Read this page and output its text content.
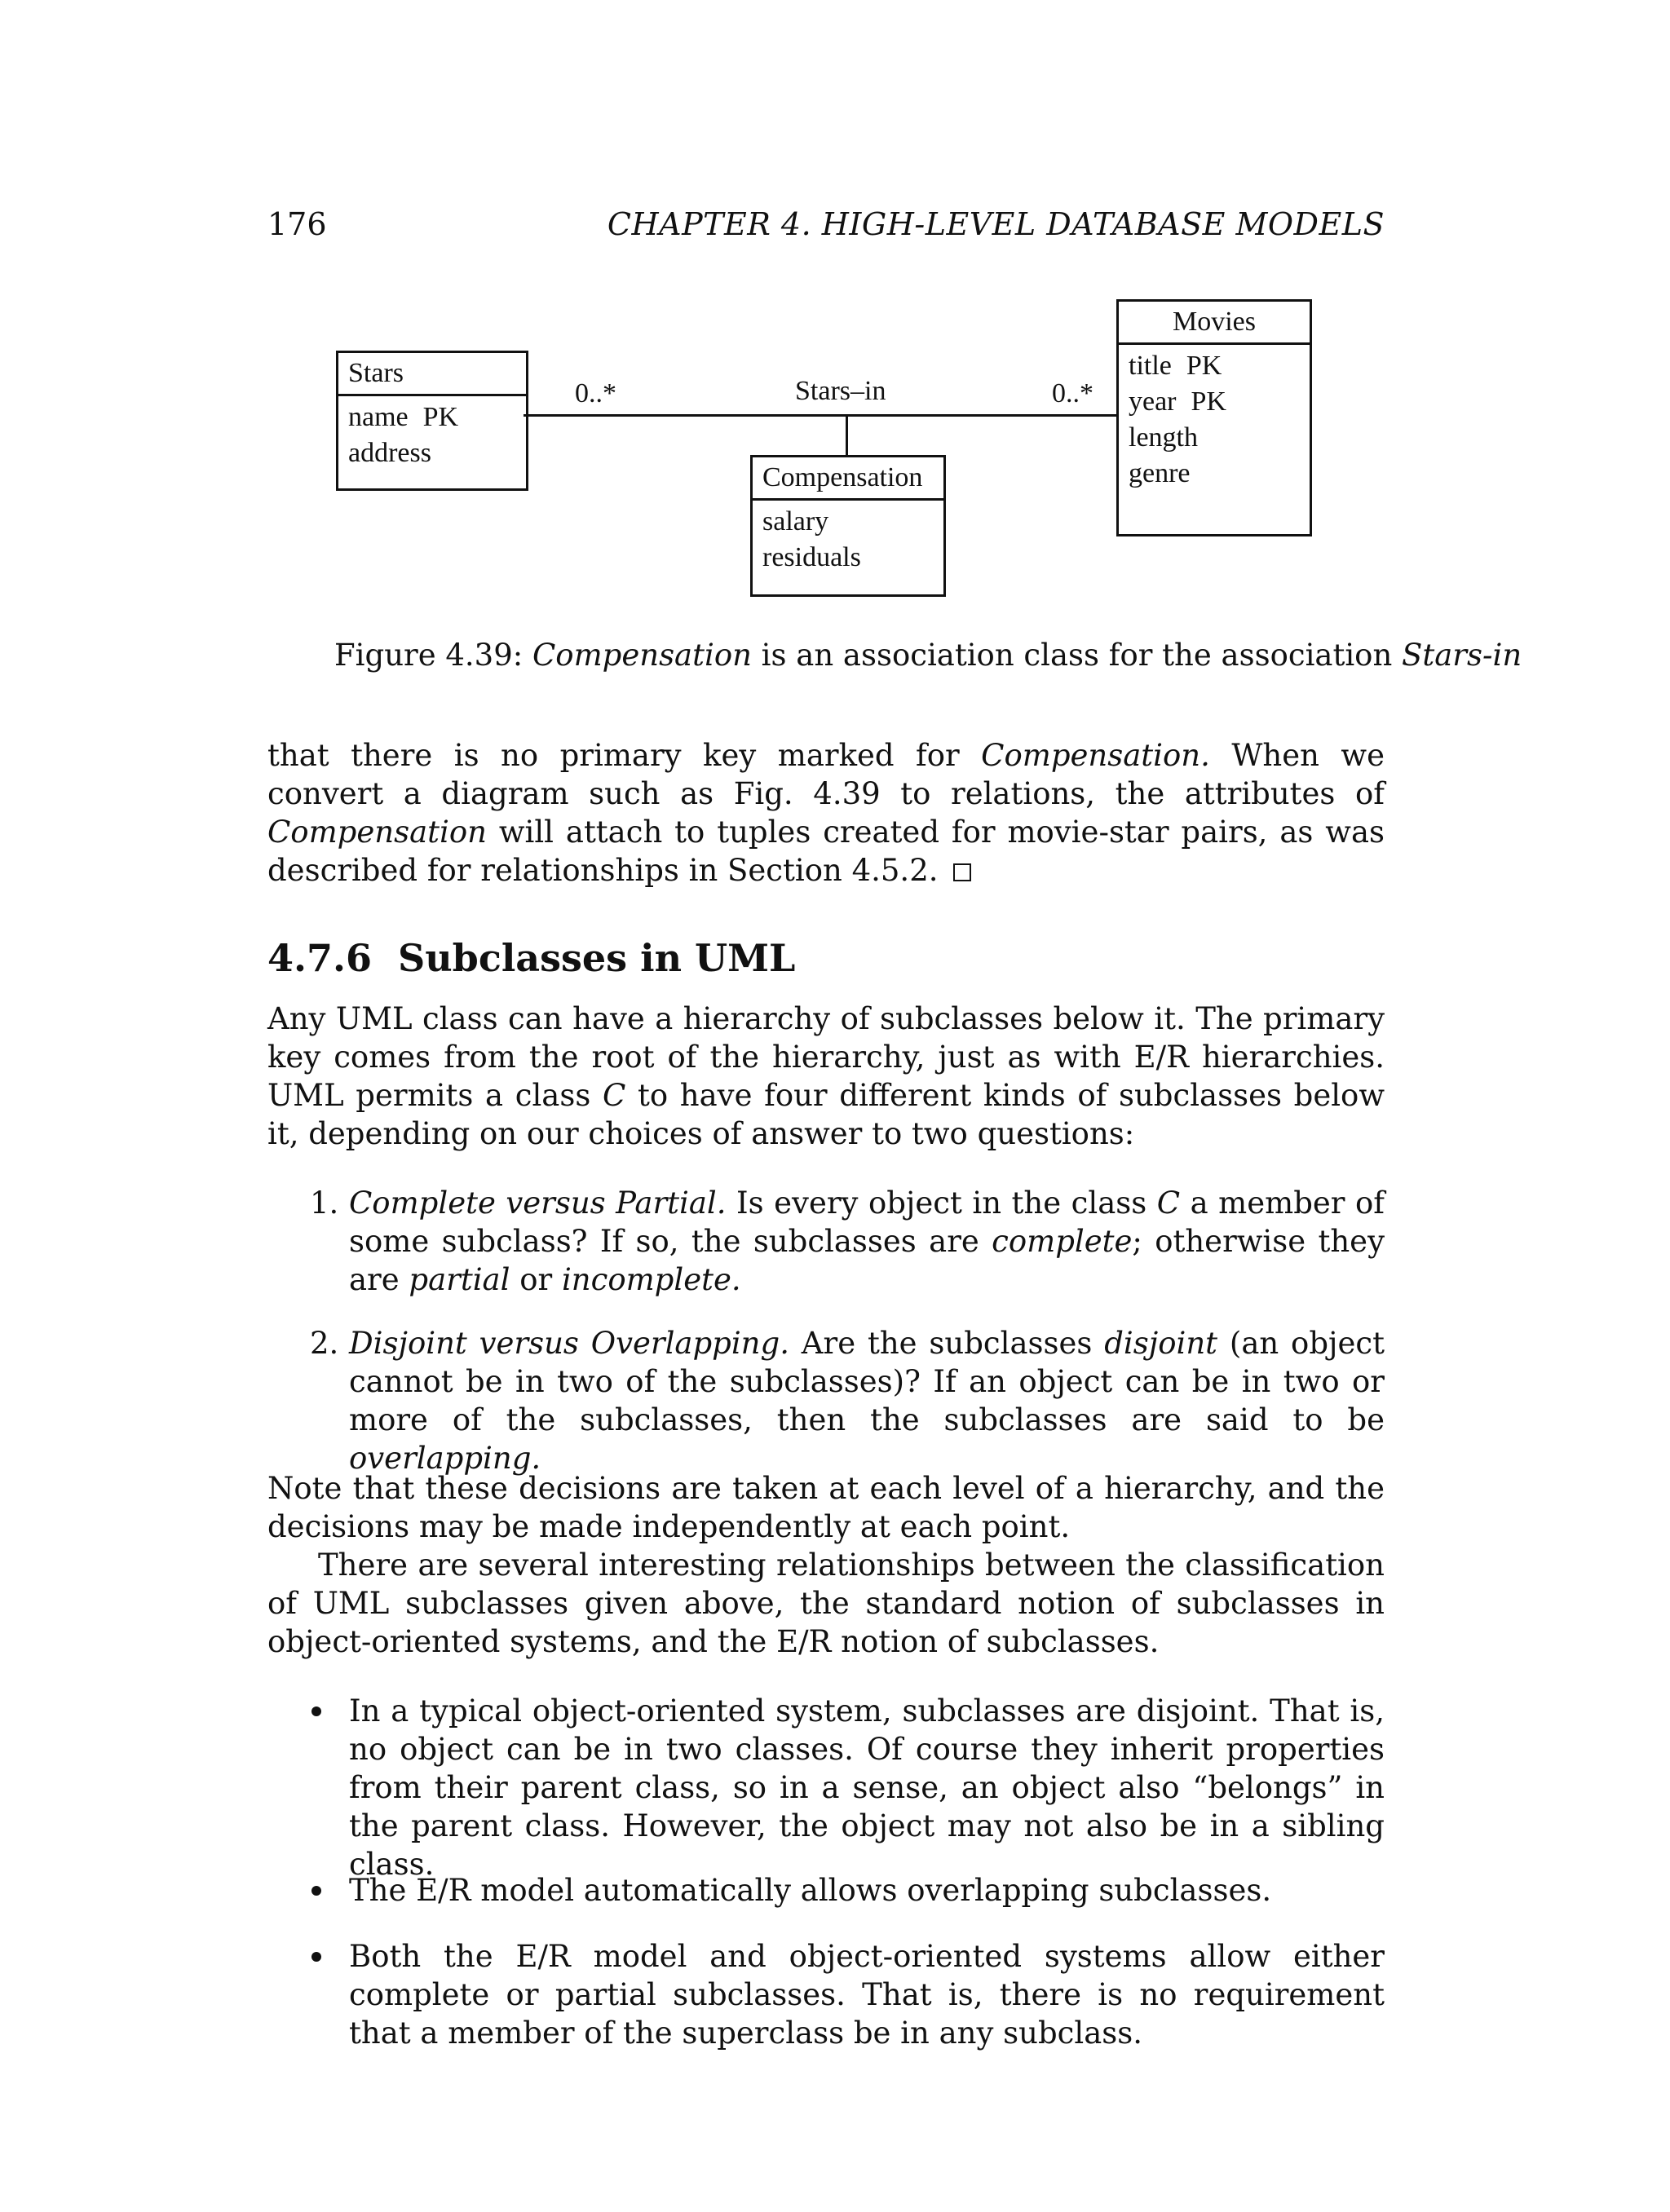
176	CHAPTER 4. HIGH-LEVEL DATABASE MODELS
Stars
name PK
address
Movies
title PK
year PK
length
genre
0..*	Stars–in	0..*
Compensation
salary
residuals
Figure 4.39: Compensation is an association class for the association Stars-in

that there is no primary key marked for Compensation. When we convert a diagram such as Fig. 4.39 to relations, the attributes of Compensation will attach to tuples created for movie-star pairs, as was described for relationships in Section 4.5.2.

4.7.6 Subclasses in UML

Any UML class can have a hierarchy of subclasses below it. The primary key comes from the root of the hierarchy, just as with E/R hierarchies. UML permits a class C to have four different kinds of subclasses below it, depending on our choices of answer to two questions:

1. Complete versus Partial. Is every object in the class C a member of some subclass? If so, the subclasses are complete; otherwise they are partial or incomplete.

2. Disjoint versus Overlapping. Are the subclasses disjoint (an object cannot be in two of the subclasses)? If an object can be in two or more of the subclasses, then the subclasses are said to be overlapping.

Note that these decisions are taken at each level of a hierarchy, and the decisions may be made independently at each point.

There are several interesting relationships between the classification of UML subclasses given above, the standard notion of subclasses in object-oriented systems, and the E/R notion of subclasses.

In a typical object-oriented system, subclasses are disjoint. That is, no object can be in two classes. Of course they inherit properties from their parent class, so in a sense, an object also “belongs” in the parent class. However, the object may not also be in a sibling class.

The E/R model automatically allows overlapping subclasses.

Both the E/R model and object-oriented systems allow either complete or partial subclasses. That is, there is no requirement that a member of the superclass be in any subclass.
